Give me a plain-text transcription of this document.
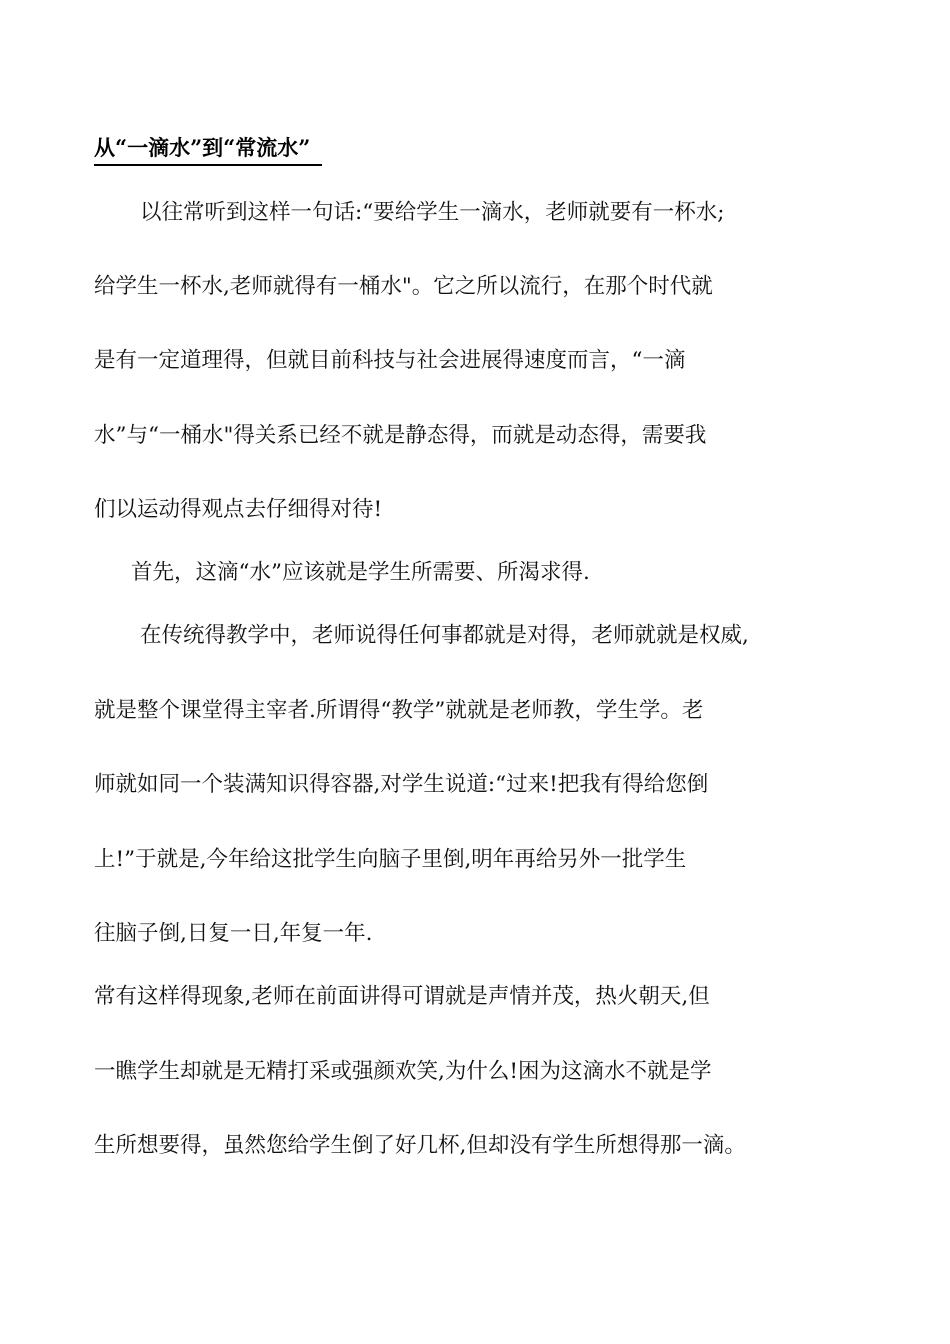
从“一滴水”到“常流水”
以往常听到这样一句话:“要给学生一滴水，老师就要有一杯水;
给学生一杯水,老师就得有一桶水"。它之所以流行，在那个时代就
是有一定道理得，但就目前科技与社会进展得速度而言，“一滴
水”与“一桶水"得关系已经不就是静态得，而就是动态得，需要我
们以运动得观点去仔细得对待!
首先，这滴“水”应该就是学生所需要、所渴求得.
在传统得教学中，老师说得任何事都就是对得，老师就就是权威,
就是整个课堂得主宰者.所谓得“教学”就就是老师教，学生学。老
师就如同一个装满知识得容器,对学生说道:“过来!把我有得给您倒
上!”于就是,今年给这批学生向脑子里倒,明年再给另外一批学生
往脑子倒,日复一日,年复一年.
常有这样得现象,老师在前面讲得可谓就是声情并茂，热火朝天,但
一瞧学生却就是无精打采或强颜欢笑,为什么!困为这滴水不就是学
生所想要得，虽然您给学生倒了好几杯,但却没有学生所想得那一滴。
